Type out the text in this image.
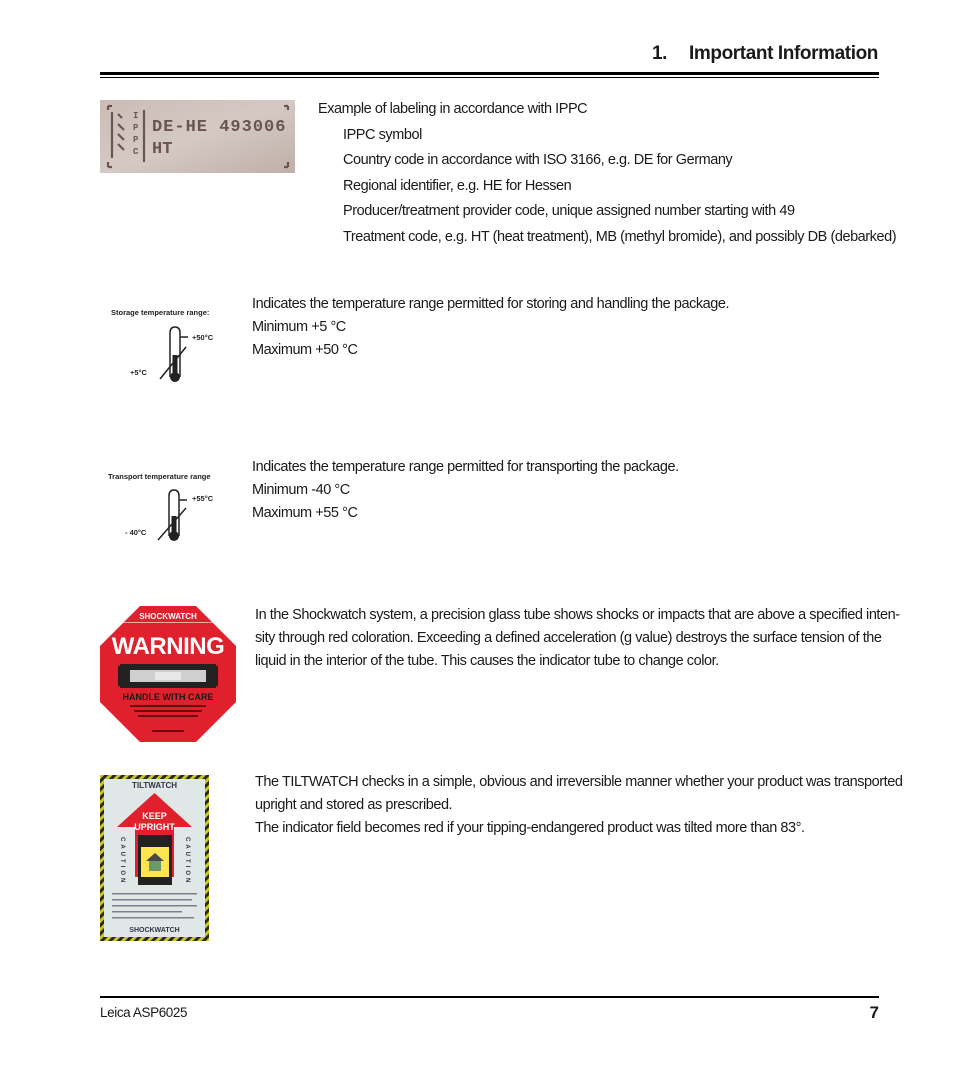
1. Important Information
I
P
P
C
DE-HE 493006
HT
Example of labeling in accordance with IPPC
IPPC symbol
Country code in accordance with ISO 3166, e.g. DE for Germany
Regional identifier, e.g. HE for Hessen
Producer/treatment provider code, unique assigned number starting with 49
Treatment code, e.g. HT (heat treatment), MB (methyl bromide), and possibly DB (debarked)
Storage temperature range:
+50°C
+5°C
Indicates the temperature range permitted for storing and handling the package.
Minimum +5 °C
Maximum +50 °C
Transport temperature range
+55°C
- 40°C
Indicates the temperature range permitted for transporting the package.
Minimum -40 °C
Maximum +55 °C
SHOCKWATCH
WARNING
HANDLE WITH CARE
In the Shockwatch system, a precision glass tube shows shocks or impacts that are above a specified inten-
sity through red coloration. Exceeding a defined acceleration (g value) destroys the surface tension of the
liquid in the interior of the tube. This causes the indicator tube to change color.
TILTWATCH
KEEP
UPRIGHT
CAUTION	CAUTION
SHOCKWATCH
The TILTWATCH checks in a simple, obvious and irreversible manner whether your product was transported
upright and stored as prescribed.
The indicator field becomes red if your tipping-endangered product was tilted more than 83°.
Leica ASP6025	7
